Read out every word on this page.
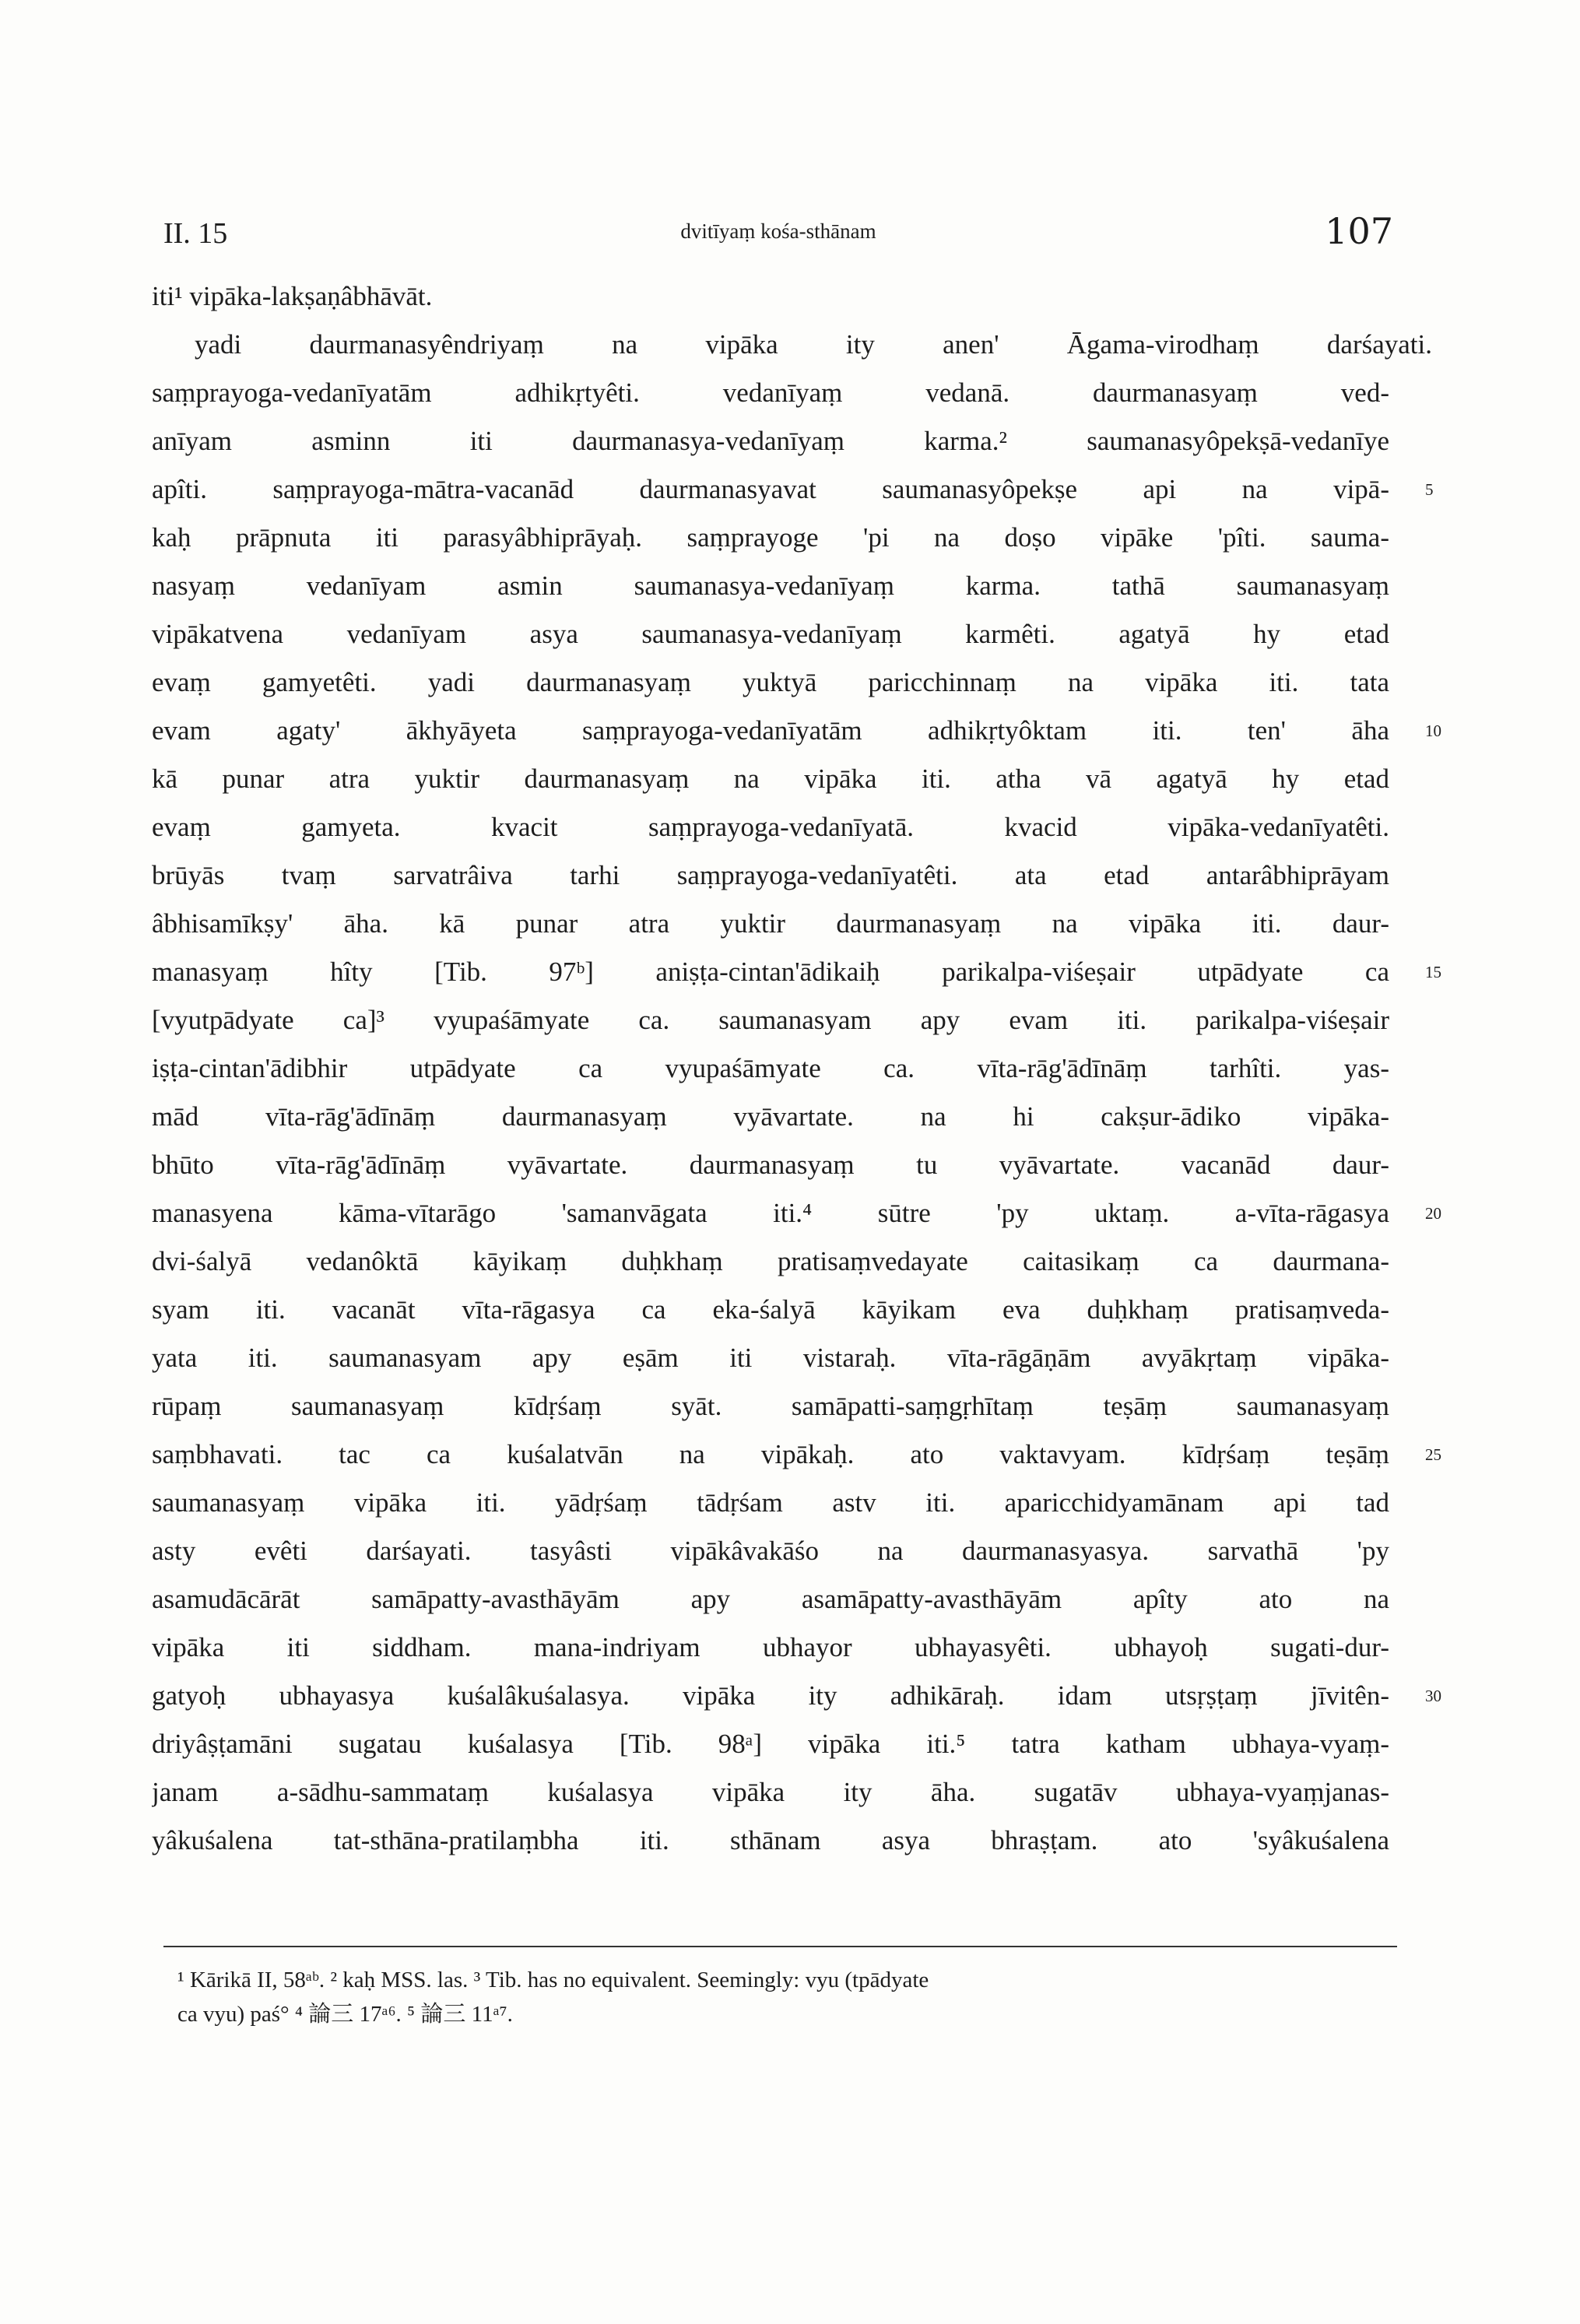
II. 15	dvitīyaṃ kośa-sthānam	107
iti¹ vipāka-lakṣaṇâbhāvāt.
yadi daurmanasyêndriyaṃ na vipāka ity anen' Āgama-virodhaṃ darśayati.
saṃprayoga-vedanīyatām adhikṛtyêti. vedanīyaṃ vedanā. daurmanasyaṃ ved-
anīyam asminn iti daurmanasya-vedanīyaṃ karma.² saumanasyôpekṣā-vedanīye
apîti. saṃprayoga-mātra-vacanād daurmanasyavat saumanasyôpekṣe api na vipā- 5
kaḥ prāpnuta iti parasyâbhiprāyaḥ. saṃprayoge 'pi na doṣo vipāke 'pîti. sauma-
nasyaṃ vedanīyam asmin saumanasya-vedanīyaṃ karma. tathā saumanasyaṃ
vipākatvena vedanīyam asya saumanasya-vedanīyaṃ karmêti. agatyā hy etad
evaṃ gamyetêti. yadi daurmanasyaṃ yuktyā paricchinnaṃ na vipāka iti. tata
evam agaty' ākhyāyeta saṃprayoga-vedanīyatām adhikṛtyôktam iti. ten' āha 10
kā punar atra yuktir daurmanasyaṃ na vipāka iti. atha vā agatyā hy etad
evaṃ gamyeta. kvacit saṃprayoga-vedanīyatā. kvacid vipāka-vedanīyatêti.
brūyās tvaṃ sarvatrâiva tarhi saṃprayoga-vedanīyatêti. ata etad antarâbhiprāyam
âbhisamīkṣy' āha. kā punar atra yuktir daurmanasyaṃ na vipāka iti. daur-
manasyaṃ hîty [Tib. 97ᵇ] aniṣṭa-cintan'ādikaiḥ parikalpa-viśeṣair utpādyate ca 15
[vyutpādyate ca]³ vyupaśāmyate ca. saumanasyam apy evam iti. parikalpa-viśeṣair
iṣṭa-cintan'ādibhir utpādyate ca vyupaśāmyate ca. vīta-rāg'ādīnāṃ tarhîti. yas-
mād vīta-rāg'ādīnāṃ daurmanasyaṃ vyāvartate. na hi cakṣur-ādiko vipāka-
bhūto vīta-rāg'ādīnāṃ vyāvartate. daurmanasyaṃ tu vyāvartate. vacanād daur-
manasyena kāma-vītarāgo 'samanvāgata iti.⁴ sūtre 'py uktaṃ. a-vīta-rāgasya 20
dvi-śalyā vedanôktā kāyikaṃ duḥkhaṃ pratisaṃvedayate caitasikaṃ ca daurmana-
syam iti. vacanāt vīta-rāgasya ca eka-śalyā kāyikam eva duḥkhaṃ pratisaṃveda-
yata iti. saumanasyam apy eṣām iti vistaraḥ. vīta-rāgāṇām avyākṛtaṃ vipāka-
rūpaṃ saumanasyaṃ kīdṛśaṃ syāt. samāpatti-saṃgṛhītaṃ teṣāṃ saumanasyaṃ
saṃbhavati. tac ca kuśalatvān na vipākaḥ. ato vaktavyam. kīdṛśaṃ teṣāṃ 25
saumanasyaṃ vipāka iti. yādṛśaṃ tādṛśam astv iti. aparicchidyamānam api tad
asty evêti darśayati. tasyâsti vipākâvakāśo na daurmanasyasya. sarvathā 'py
asamudācārāt samāpatty-avasthāyām apy asamāpatty-avasthāyām apîty ato na
vipāka iti siddham. mana-indriyam ubhayor ubhayasyêti. ubhayoḥ sugati-dur-
gatyoḥ ubhayasya kuśalâkuśalasya. vipāka ity adhikāraḥ. idam utsṛṣṭaṃ jīvitên- 30
driyâṣṭamāni sugatau kuśalasya [Tib. 98ᵃ] vipāka iti.⁵ tatra katham ubhaya-vyaṃ-
janam a-sādhu-sammataṃ kuśalasya vipāka ity āha. sugatāv ubhaya-vyaṃjanas-
yâkuśalena tat-sthāna-pratilaṃbha iti. sthānam asya bhraṣṭam. ato 'syâkuśalena
¹ Kārikā II, 58ᵃᵇ. ² kaḥ MSS. las. ³ Tib. has no equivalent. Seemingly: vyu (tpādyate
ca vyu) paś° ⁴ 論三 17ᵃ⁶. ⁵ 論三 11ᵃ⁷.
